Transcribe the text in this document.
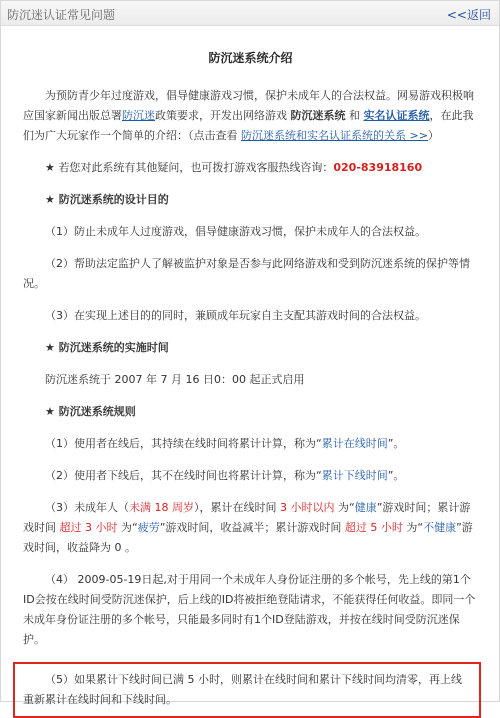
防沉迷认证常见问题	<<返回
防沉迷系统介绍

为预防青少年过度游戏，倡导健康游戏习惯，保护未成年人的合法权益。网易游戏积极响应国家新闻出版总署防沉迷政策要求，开发出网络游戏 防沉迷系统 和 实名认证系统，在此我们为广大玩家作一个简单的介绍：（点击查看 防沉迷系统和实名认证系统的关系 >>）

★ 若您对此系统有其他疑问，也可拨打游戏客服热线咨询：020-83918160

★ 防沉迷系统的设计目的

（1）防止未成年人过度游戏，倡导健康游戏习惯，保护未成年人的合法权益。

（2）帮助法定监护人了解被监护对象是否参与此网络游戏和受到防沉迷系统的保护等情况。

（3）在实现上述目的的同时，兼顾成年玩家自主支配其游戏时间的合法权益。

★ 防沉迷系统的实施时间

防沉迷系统于 2007 年 7 月 16 日0：00 起正式启用

★ 防沉迷系统规则

（1）使用者在线后，其持续在线时间将累计计算，称为“累计在线时间”。

（2）使用者下线后，其不在线时间也将累计计算，称为“累计下线时间”。

（3）未成年人（未满 18 周岁），累计在线时间 3 小时以内 为“健康”游戏时间；累计游戏时间 超过 3 小时 为“疲劳”游戏时间，收益减半；累计游戏时间 超过 5 小时 为“不健康”游戏时间，收益降为 0 。

（4） 2009-05-19日起,对于用同一个未成年人身份证注册的多个帐号，先上线的第1个ID会按在线时间受防沉迷保护，后上线的ID将被拒绝登陆请求，不能获得任何收益。即同一个未成年身份证注册的多个帐号，只能最多同时有1个ID登陆游戏，并按在线时间受防沉迷保护。

（5）如果累计下线时间已满 5 小时，则累计在线时间和累计下线时间均清零，再上线重新累计在线时间和下线时间。
